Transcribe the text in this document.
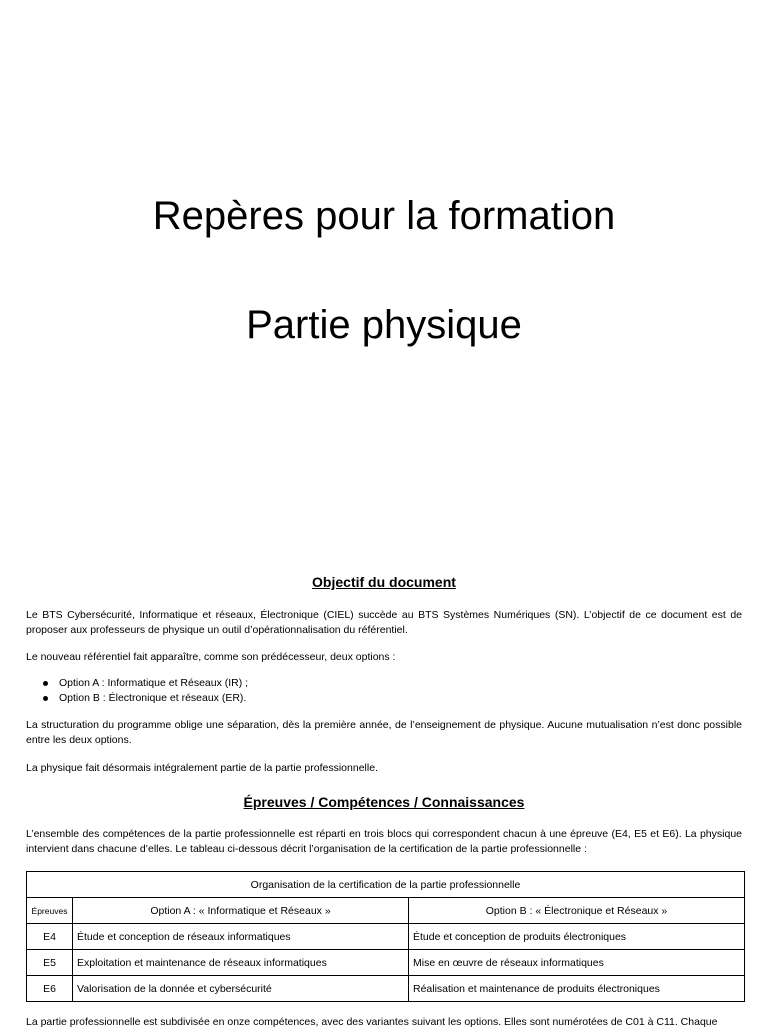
Repères pour la formation
Partie physique
Objectif du document

Le BTS Cybersécurité, Informatique et réseaux, Électronique (CIEL) succède au BTS Systèmes Numériques (SN). L’objectif de ce document est de proposer aux professeurs de physique un outil d’opérationnalisation du référentiel.

Le nouveau référentiel fait apparaître, comme son prédécesseur, deux options :

Option A : Informatique et Réseaux (IR) ;
Option B : Électronique et réseaux (ER).

La structuration du programme oblige une séparation, dès la première année, de l’enseignement de physique. Aucune mutualisation n’est donc possible entre les deux options.

La physique fait désormais intégralement partie de la partie professionnelle.

Épreuves / Compétences / Connaissances

L’ensemble des compétences de la partie professionnelle est réparti en trois blocs qui correspondent chacun à une épreuve (E4, E5 et E6). La physique intervient dans chacune d’elles. Le tableau ci-dessous décrit l’organisation de la certification de la partie professionnelle :

Organisation de la certification de la partie professionnelle		
Épreuves	Option A : « Informatique et Réseaux »	Option B : « Électronique et Réseaux »
E4	Étude et conception de réseaux informatiques	Étude et conception de produits électroniques
E5	Exploitation et maintenance de réseaux informatiques	Mise en œuvre de réseaux informatiques
E6	Valorisation de la donnée et cybersécurité	Réalisation et maintenance de produits électroniques

La partie professionnelle est subdivisée en onze compétences, avec des variantes suivant les options. Elles sont numérotées de C01 à C11. Chaque
